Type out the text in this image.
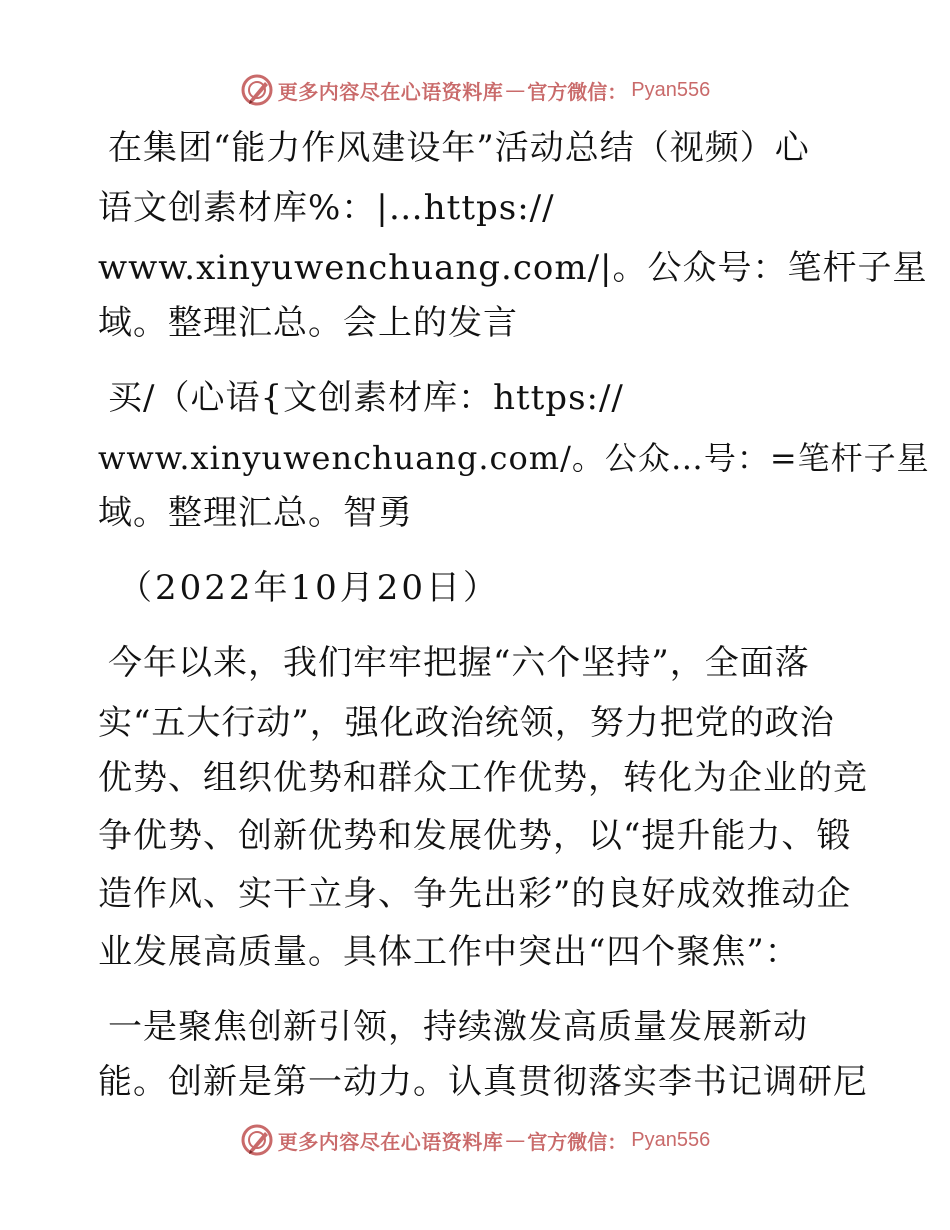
更多内容尽在心语资料库 — 官方微信： Pyan556
在集团“能力作风建设年”活动总结（视频）心
语文创素材库%：|…https://
www.xinyuwenchuang.com/|。公众号：笔杆子星
域。整理汇总。会上的发言
买/（心语{文创素材库：https://
www.xinyuwenchuang.com/。公众…号：=笔杆子星
域。整理汇总。智勇
（2022年10月20日）
今年以来，我们牢牢把握“六个坚持”，全面落
实“五大行动”，强化政治统领，努力把党的政治
优势、组织优势和群众工作优势，转化为企业的竞
争优势、创新优势和发展优势，以“提升能力、锻
造作风、实干立身、争先出彩”的良好成效推动企
业发展高质量。具体工作中突出“四个聚焦”：
一是聚焦创新引领，持续激发高质量发展新动
能。创新是第一动力。认真贯彻落实李书记调研尼
更多内容尽在心语资料库 — 官方微信： Pyan556
